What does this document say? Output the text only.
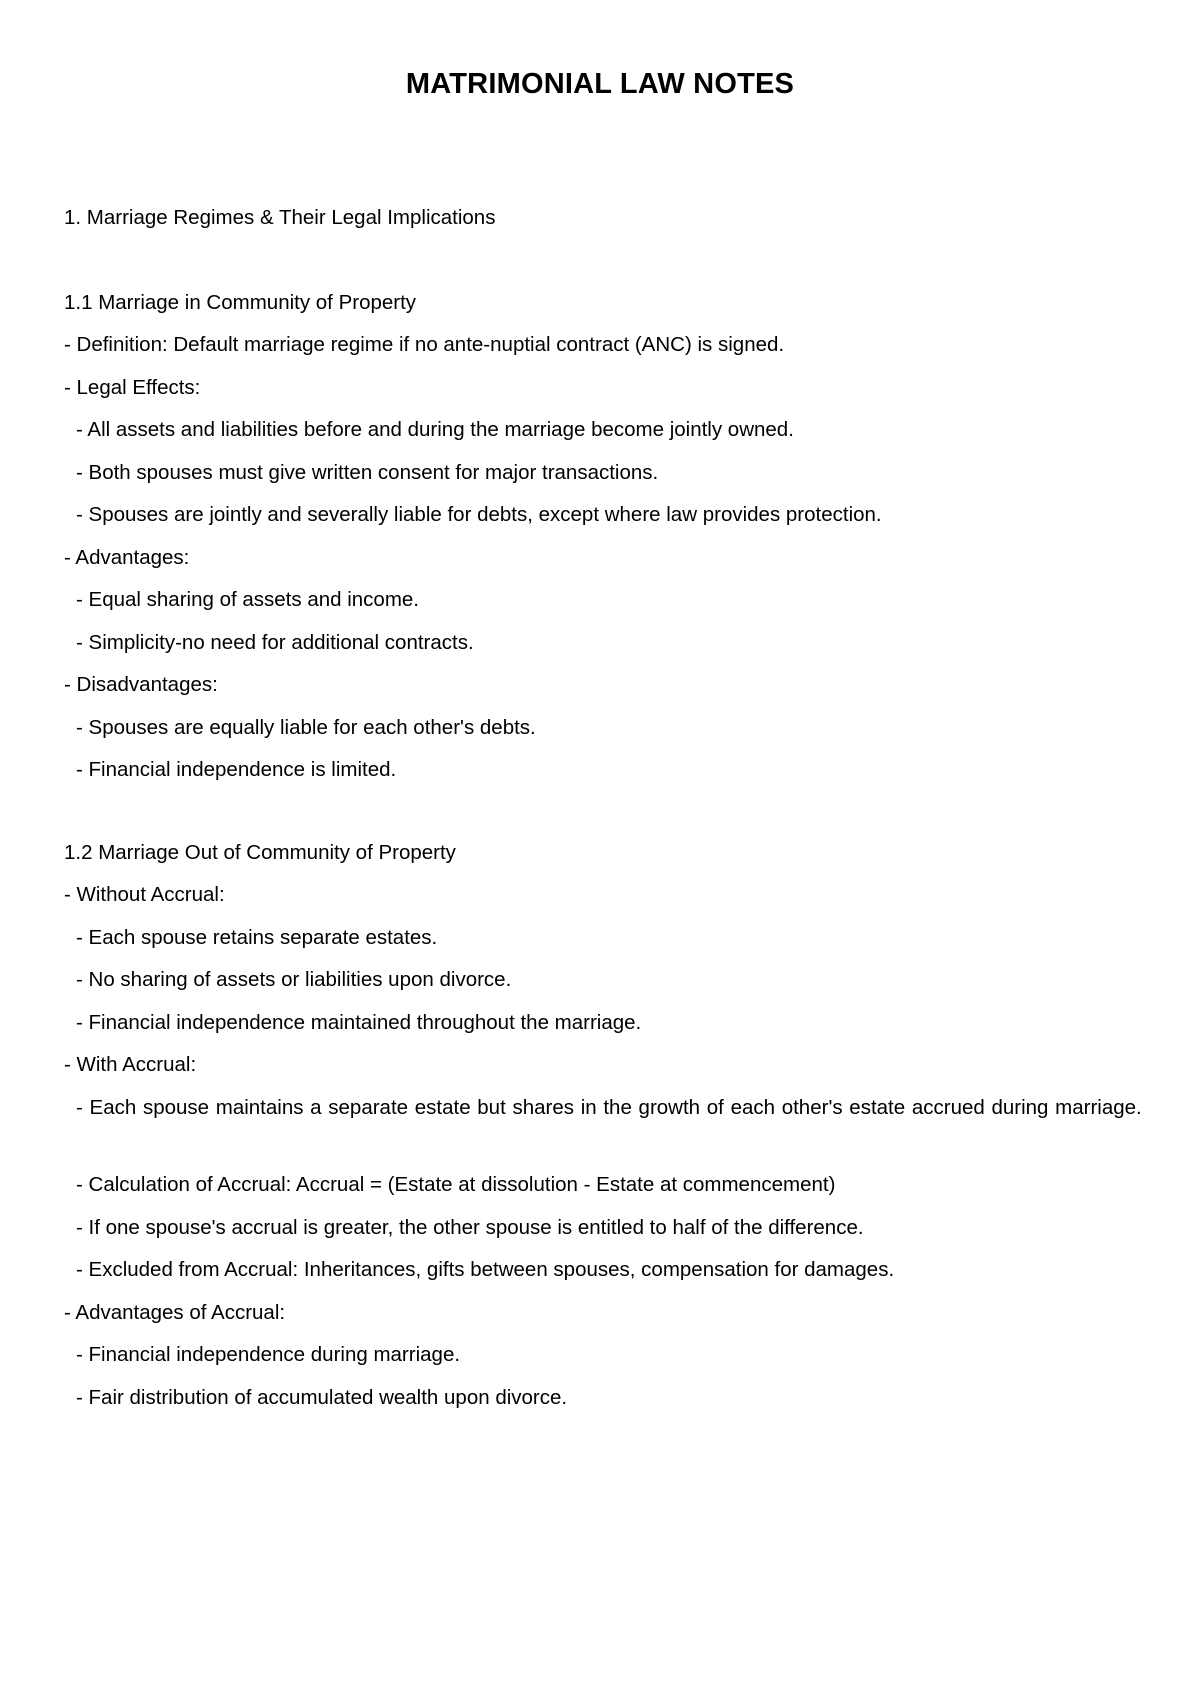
MATRIMONIAL LAW NOTES
1. Marriage Regimes & Their Legal Implications
1.1 Marriage in Community of Property
- Definition: Default marriage regime if no ante-nuptial contract (ANC) is signed.
- Legal Effects:
- All assets and liabilities before and during the marriage become jointly owned.
- Both spouses must give written consent for major transactions.
- Spouses are jointly and severally liable for debts, except where law provides protection.
- Advantages:
- Equal sharing of assets and income.
- Simplicity-no need for additional contracts.
- Disadvantages:
- Spouses are equally liable for each other's debts.
- Financial independence is limited.
1.2 Marriage Out of Community of Property
- Without Accrual:
- Each spouse retains separate estates.
- No sharing of assets or liabilities upon divorce.
- Financial independence maintained throughout the marriage.
- With Accrual:
- Each spouse maintains a separate estate but shares in the growth of each other's estate accrued during marriage.
- Calculation of Accrual: Accrual = (Estate at dissolution - Estate at commencement)
- If one spouse's accrual is greater, the other spouse is entitled to half of the difference.
- Excluded from Accrual: Inheritances, gifts between spouses, compensation for damages.
- Advantages of Accrual:
- Financial independence during marriage.
- Fair distribution of accumulated wealth upon divorce.
